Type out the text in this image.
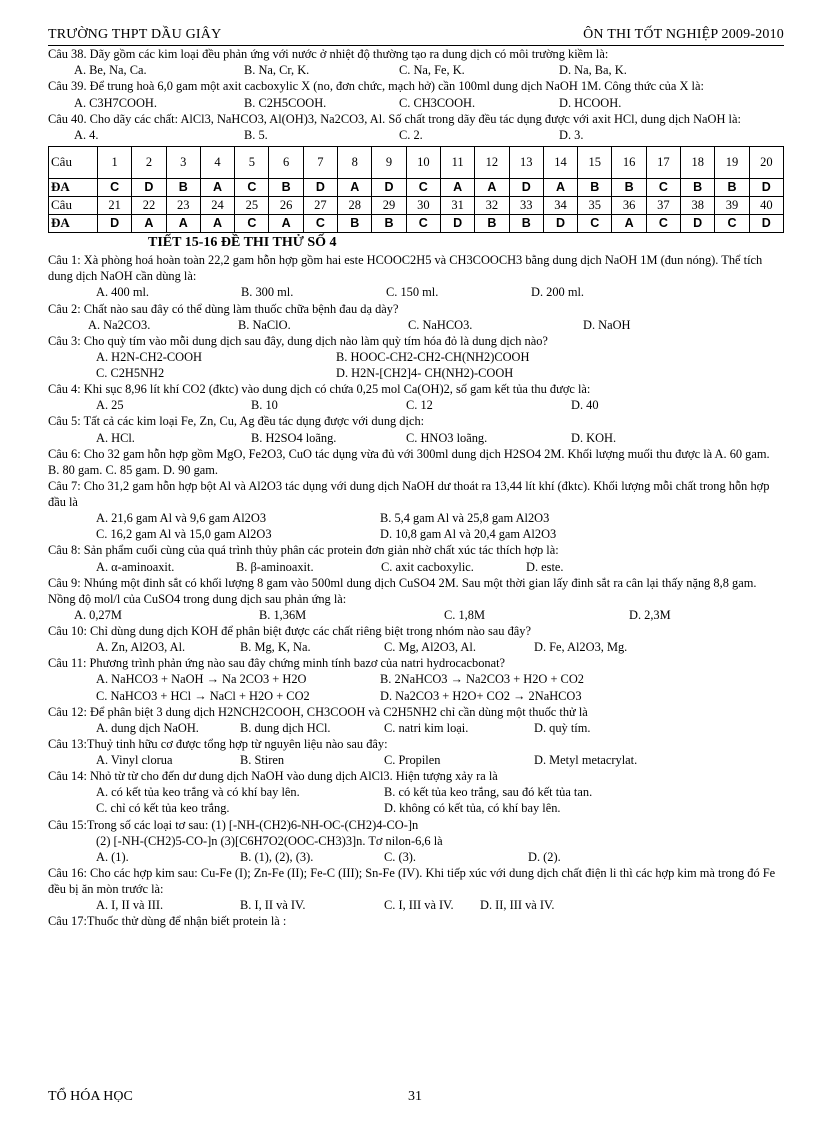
TRƯỜNG THPT DẦU GIÂY	ÔN THI TỐT NGHIỆP 2009-2010
Câu 38. Dãy gồm các kim loại đều phản ứng với nước ở nhiệt độ thường tạo ra dung dịch có môi trường kiềm là:
A. Be, Na, Ca.	B. Na, Cr, K.	C. Na, Fe, K.	D. Na, Ba, K.
Câu 39. Để trung hoà 6,0 gam một axit cacboxylic X (no, đơn chức, mạch hở) cần 100ml dung dịch NaOH 1M. Công thức của X là:
A. C3H7COOH.	B. C2H5COOH.	C. CH3COOH.	D. HCOOH.
Câu 40. Cho dãy các chất: AlCl3, NaHCO3, Al(OH)3, Na2CO3, Al. Số chất trong dãy đều tác dụng được với axit HCl, dung dịch NaOH là:
A. 4.	B. 5.	C. 2.	D. 3.
Câu	1	2	3	4	5	6	7	8	9	10	11	12	13	14	15	16	17	18	19	20
ĐA	C	D	B	A	C	B	D	A	D	C	A	A	D	A	B	B	C	B	B	D
Câu	21	22	23	24	25	26	27	28	29	30	31	32	33	34	35	36	37	38	39	40
ĐA	D	A	A	A	C	A	C	B	B	C	D	B	B	D	C	A	C	D	C	D
TIẾT 15-16 ĐỀ THI THỬ SỐ 4
Câu 1: Xà phòng hoá hoàn toàn 22,2 gam hỗn hợp gồm hai este HCOOC2H5 và CH3COOCH3 bằng dung dịch NaOH 1M (đun nóng). Thể tích dung dịch NaOH cần dùng là:
A. 400 ml.	B. 300 ml.	C. 150 ml.	D. 200 ml.
Câu 2: Chất nào sau đây có thể dùng làm thuốc chữa bệnh đau dạ dày?
A. Na2CO3.	B. NaClO.	C. NaHCO3.	D. NaOH
Câu 3: Cho quỳ tím vào mỗi dung dịch sau đây, dung dịch nào làm quỳ tím hóa đỏ là dung dịch nào?
A. H2N-CH2-COOH	B. HOOC-CH2-CH2-CH(NH2)COOH
C. C2H5NH2	D. H2N-[CH2]4- CH(NH2)-COOH
Câu 4: Khi sục 8,96 lít khí CO2 (đktc) vào dung dịch có chứa 0,25 mol Ca(OH)2, số gam kết tủa thu được là:
A. 25	B. 10	C. 12	D. 40
Câu 5: Tất cả các kim loại Fe, Zn, Cu, Ag đều tác dụng được với dung dịch:
A. HCl.	B. H2SO4 loãng.	C. HNO3 loãng.	D. KOH.
Câu 6: Cho 32 gam hỗn hợp gồm MgO, Fe2O3, CuO tác dụng vừa đủ với 300ml dung dịch H2SO4 2M. Khối lượng muối thu được là A. 60 gam. B. 80 gam. C. 85 gam. D. 90 gam.
Câu 7: Cho 31,2 gam hỗn hợp bột Al và Al2O3 tác dụng với dung dịch NaOH dư thoát ra 13,44 lít khí (đktc). Khối lượng mỗi chất trong hỗn hợp đầu là
A. 21,6 gam Al và 9,6 gam Al2O3	B. 5,4 gam Al và 25,8 gam Al2O3
C. 16,2 gam Al và 15,0 gam Al2O3	D. 10,8 gam Al và 20,4 gam Al2O3
Câu 8: Sản phẩm cuối cùng của quá trình thủy phân các protein đơn giản nhờ chất xúc tác thích hợp là:
A. α-aminoaxit.	B. β-aminoaxit.	C. axit cacboxylic.	D. este.
Câu 9: Nhúng một đinh sắt có khối lượng 8 gam vào 500ml dung dịch CuSO4 2M. Sau một thời gian lấy đinh sắt ra cân lại thấy nặng 8,8 gam. Nồng độ mol/l của CuSO4 trong dung dịch sau phản ứng là:
A. 0,27M	B. 1,36M	C. 1,8M	D. 2,3M
Câu 10: Chỉ dùng dung dịch KOH để phân biệt được các chất riêng biệt trong nhóm nào sau đây?
A. Zn, Al2O3, Al.	B. Mg, K, Na.	C. Mg, Al2O3, Al.	D. Fe, Al2O3, Mg.
Câu 11: Phương trình phản ứng nào sau đây chứng minh tính bazơ của natri hydrocacbonat?
A. NaHCO3 + NaOH → Na 2CO3 + H2O	B. 2NaHCO3 → Na2CO3 + H2O + CO2
C. NaHCO3 + HCl → NaCl + H2O + CO2	D. Na2CO3 + H2O+ CO2 → 2NaHCO3
Câu 12: Để phân biệt 3 dung dịch H2NCH2COOH, CH3COOH và C2H5NH2 chỉ cần dùng một thuốc thử là
A. dung dịch NaOH.	B. dung dịch HCl.	C. natri kim loại.	D. quỳ tím.
Câu 13:Thuỷ tinh hữu cơ được tổng hợp từ nguyên liệu nào sau đây:
A. Vinyl clorua	B. Stiren	C. Propilen	D. Metyl metacrylat.
Câu 14: Nhỏ từ từ cho đến dư dung dịch NaOH vào dung dịch AlCl3. Hiện tượng xảy ra là
A. có kết tủa keo trắng và có khí bay lên.	B. có kết tủa keo trắng, sau đó kết tủa tan.
C. chỉ có kết tủa keo trắng.	D. không có kết tủa, có khí bay lên.
Câu 15:Trong số các loại tơ sau: (1) [-NH-(CH2)6-NH-OC-(CH2)4-CO-]n
(2) [-NH-(CH2)5-CO-]n (3)[C6H7O2(OOC-CH3)3]n. Tơ nilon-6,6 là
A. (1).	B. (1), (2), (3).	C. (3).	D. (2).
Câu 16: Cho các hợp kim sau: Cu-Fe (I); Zn-Fe (II); Fe-C (III); Sn-Fe (IV). Khi tiếp xúc với dung dịch chất điện li thì các hợp kim mà trong đó Fe đều bị ăn mòn trước là:
A. I, II và III.	B. I, II và IV.	C. I, III và IV.	D. II, III và IV.
Câu 17:Thuốc thử dùng để nhận biết protein là :
TỔ HÓA HỌC	31
